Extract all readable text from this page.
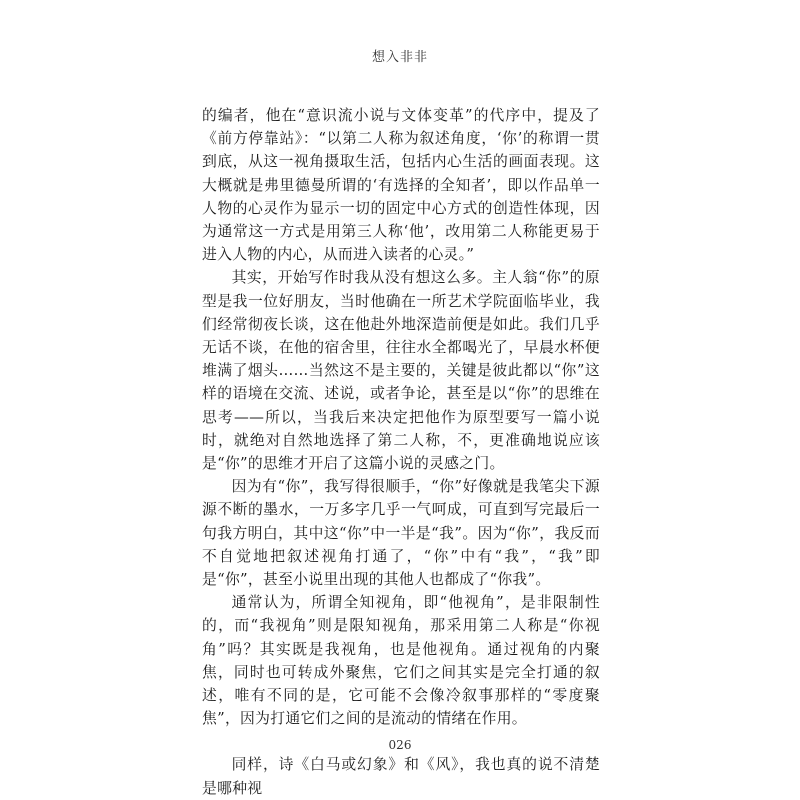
想入非非

的编者，他在“意识流小说与文体变革”的代序中，提及了《前方停靠站》：“以第二人称为叙述角度，‘你’的称谓一贯到底，从这一视角摄取生活，包括内心生活的画面表现。这大概就是弗里德曼所谓的‘有选择的全知者’，即以作品单一人物的心灵作为显示一切的固定中心方式的创造性体现，因为通常这一方式是用第三人称‘他’，改用第二人称能更易于进入人物的内心，从而进入读者的心灵。”

其实，开始写作时我从没有想这么多。主人翁“你”的原型是我一位好朋友，当时他确在一所艺术学院面临毕业，我们经常彻夜长谈，这在他赴外地深造前便是如此。我们几乎无话不谈，在他的宿舍里，往往水全都喝光了，早晨水杯便堆满了烟头……当然这不是主要的，关键是彼此都以“你”这样的语境在交流、述说，或者争论，甚至是以“你”的思维在思考——所以，当我后来决定把他作为原型要写一篇小说时，就绝对自然地选择了第二人称，不，更准确地说应该是“你”的思维才开启了这篇小说的灵感之门。

因为有“你”，我写得很顺手，“你”好像就是我笔尖下源源不断的墨水，一万多字几乎一气呵成，可直到写完最后一句我方明白，其中这“你”中一半是“我”。因为“你”，我反而不自觉地把叙述视角打通了，“你”中有“我”，“我”即是“你”，甚至小说里出现的其他人也都成了“你我”。

通常认为，所谓全知视角，即“他视角”，是非限制性的，而“我视角”则是限知视角，那采用第二人称是“你视角”吗？其实既是我视角，也是他视角。通过视角的内聚焦，同时也可转成外聚焦，它们之间其实是完全打通的叙述，唯有不同的是，它可能不会像冷叙事那样的“零度聚焦”，因为打通它们之间的是流动的情绪在作用。

同样，诗《白马或幻象》和《风》，我也真的说不清楚是哪种视

026
